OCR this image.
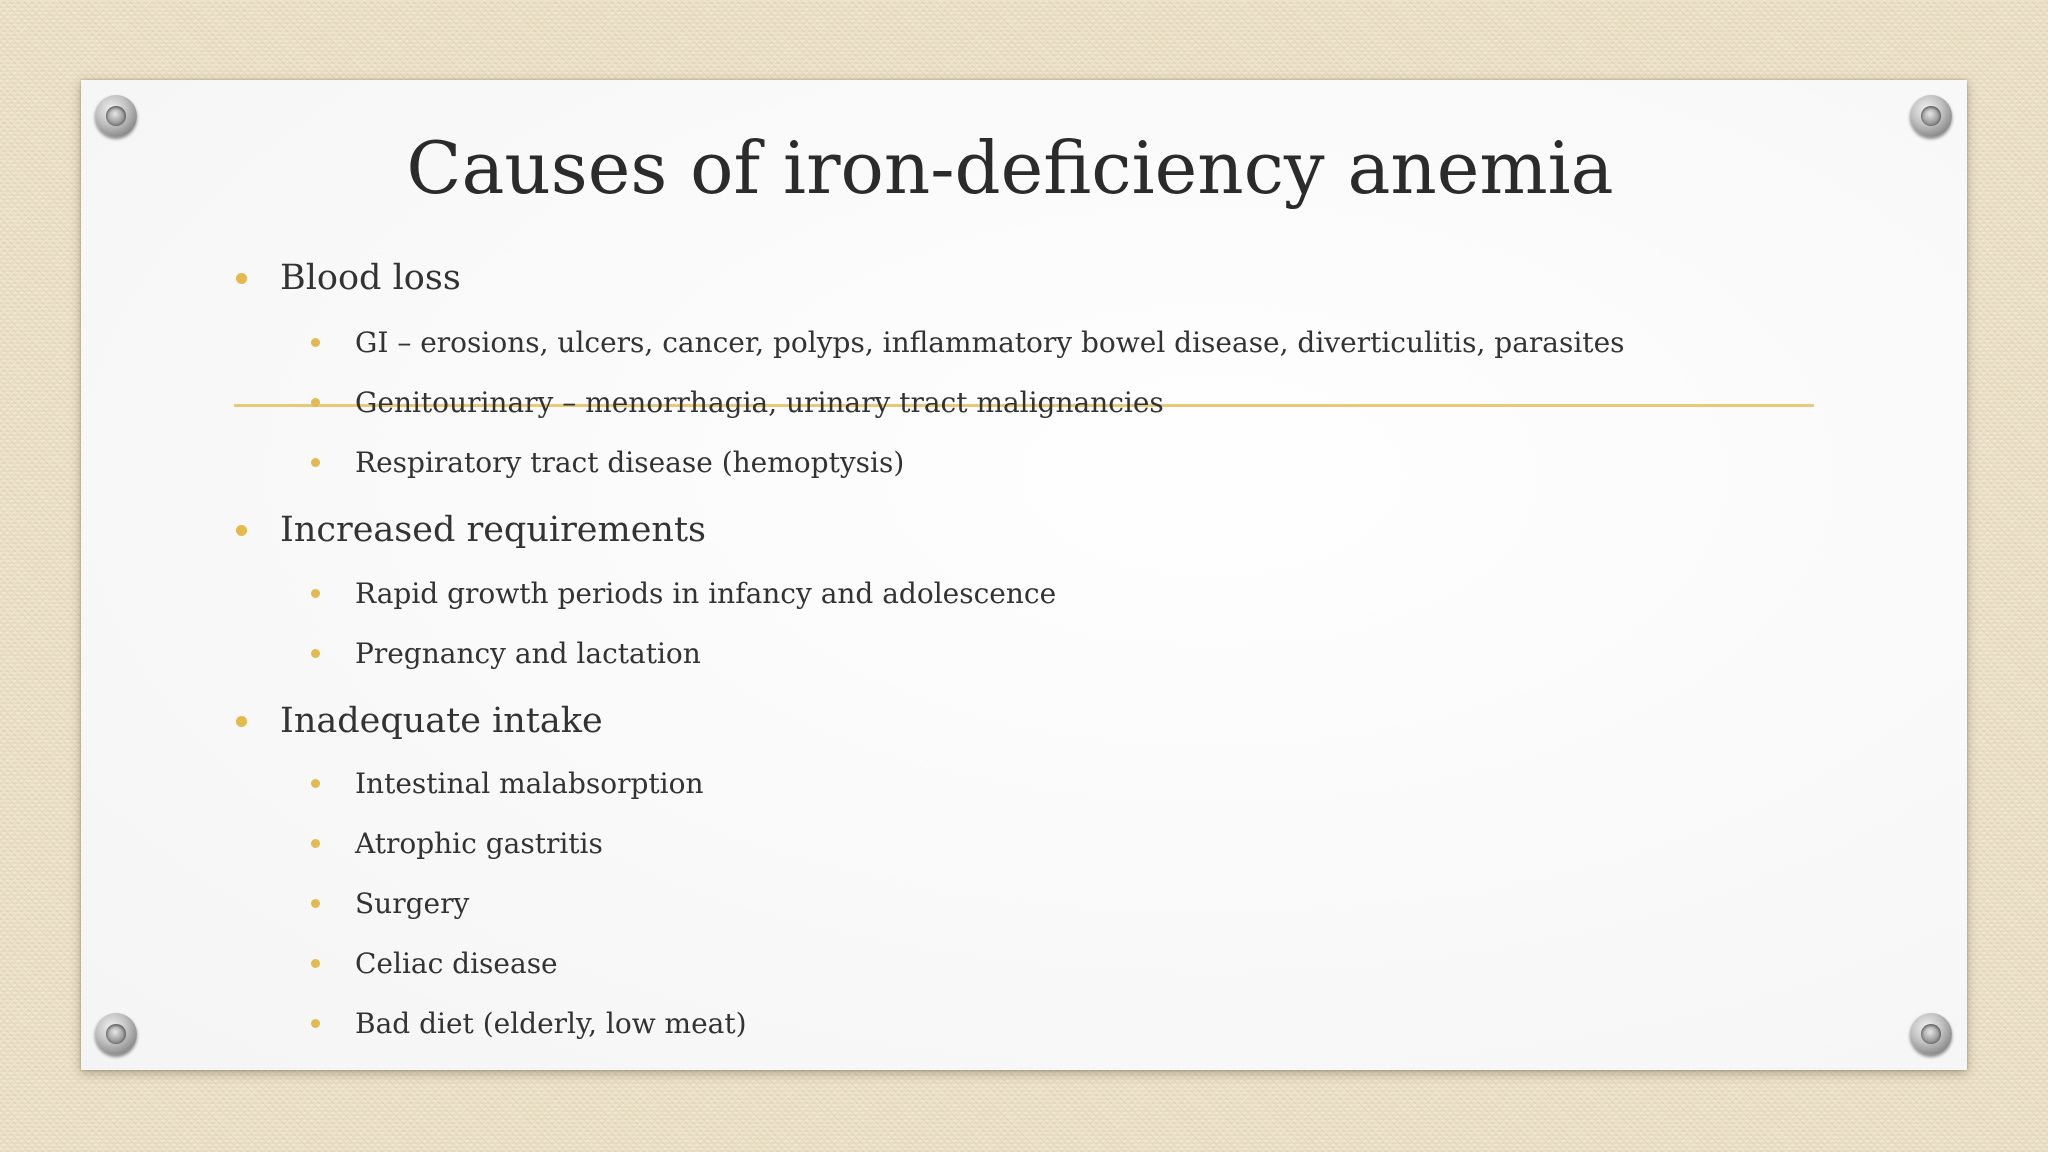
Causes of iron-deficiency anemia
Blood loss
GI – erosions, ulcers, cancer, polyps, inflammatory bowel disease, diverticulitis, parasites
Genitourinary – menorrhagia, urinary tract malignancies
Respiratory tract disease (hemoptysis)
Increased requirements
Rapid growth periods in infancy and adolescence
Pregnancy and lactation
Inadequate intake
Intestinal malabsorption
Atrophic gastritis
Surgery
Celiac disease
Bad diet (elderly, low meat)
